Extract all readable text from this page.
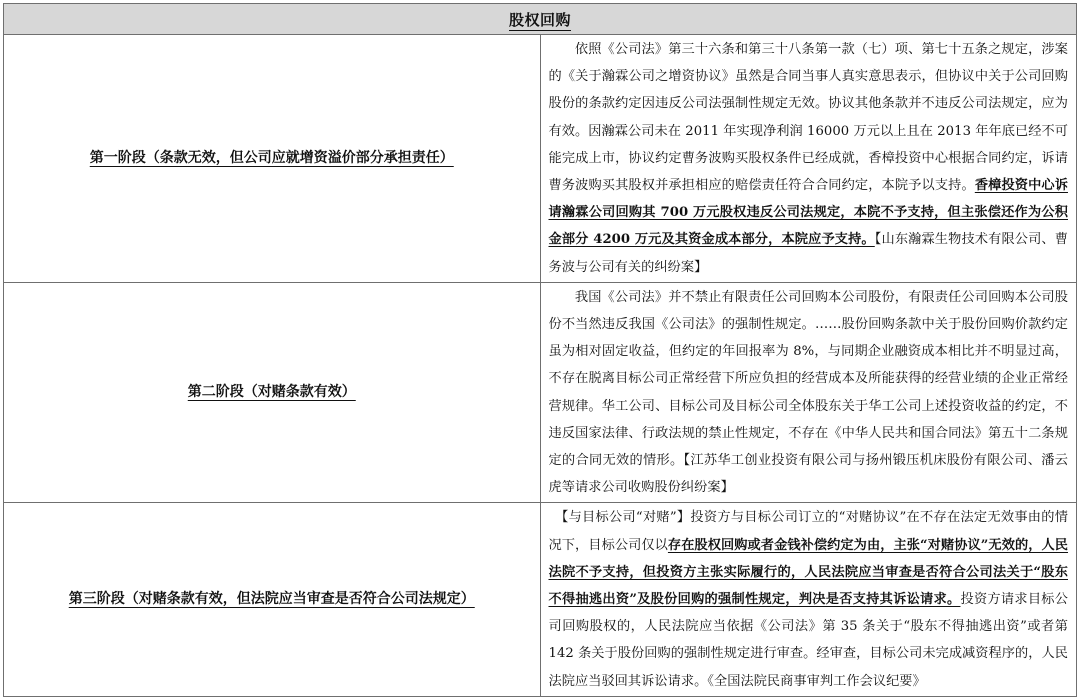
股权回购	
第一阶段（条款无效，但公司应就增资溢价部分承担责任）	依照《公司法》第三十六条和第三十八条第一款（七）项、第七十五条之规定，涉案的《关于瀚霖公司之增资协议》虽然是合同当事人真实意思表示，但协议中关于公司回购股份的条款约定因违反公司法强制性规定无效。协议其他条款并不违反公司法规定，应为有效。因瀚霖公司未在 2011 年实现净利润 16000 万元以上且在 2013 年年底已经不可能完成上市，协议约定曹务波购买股权条件已经成就，香樟投资中心根据合同约定，诉请曹务波购买其股权并承担相应的赔偿责任符合合同约定，本院予以支持。香樟投资中心诉请瀚霖公司回购其 700 万元股权违反公司法规定，本院不予支持，但主张偿还作为公积金部分 4200 万元及其资金成本部分，本院应予支持。【山东瀚霖生物技术有限公司、曹务波与公司有关的纠纷案】

第二阶段（对赌条款有效）	我国《公司法》并不禁止有限责任公司回购本公司股份，有限责任公司回购本公司股份不当然违反我国《公司法》的强制性规定。……股份回购条款中关于股份回购价款约定虽为相对固定收益，但约定的年回报率为 8%，与同期企业融资成本相比并不明显过高，不存在脱离目标公司正常经营下所应负担的经营成本及所能获得的经营业绩的企业正常经营规律。华工公司、目标公司及目标公司全体股东关于华工公司上述投资收益的约定，不违反国家法律、行政法规的禁止性规定，不存在《中华人民共和国合同法》第五十二条规定的合同无效的情形。【江苏华工创业投资有限公司与扬州锻压机床股份有限公司、潘云虎等请求公司收购股份纠纷案】

第三阶段（对赌条款有效，但法院应当审查是否符合公司法规定）	【与目标公司“对赌”】投资方与目标公司订立的“对赌协议”在不存在法定无效事由的情况下，目标公司仅以存在股权回购或者金钱补偿约定为由，主张“对赌协议”无效的，人民法院不予支持，但投资方主张实际履行的，人民法院应当审查是否符合公司法关于“股东不得抽逃出资”及股份回购的强制性规定，判决是否支持其诉讼请求。投资方请求目标公司回购股权的，人民法院应当依据《公司法》第 35 条关于“股东不得抽逃出资”或者第 142 条关于股份回购的强制性规定进行审查。经审查，目标公司未完成减资程序的，人民法院应当驳回其诉讼请求。《全国法院民商事审判工作会议纪要》
